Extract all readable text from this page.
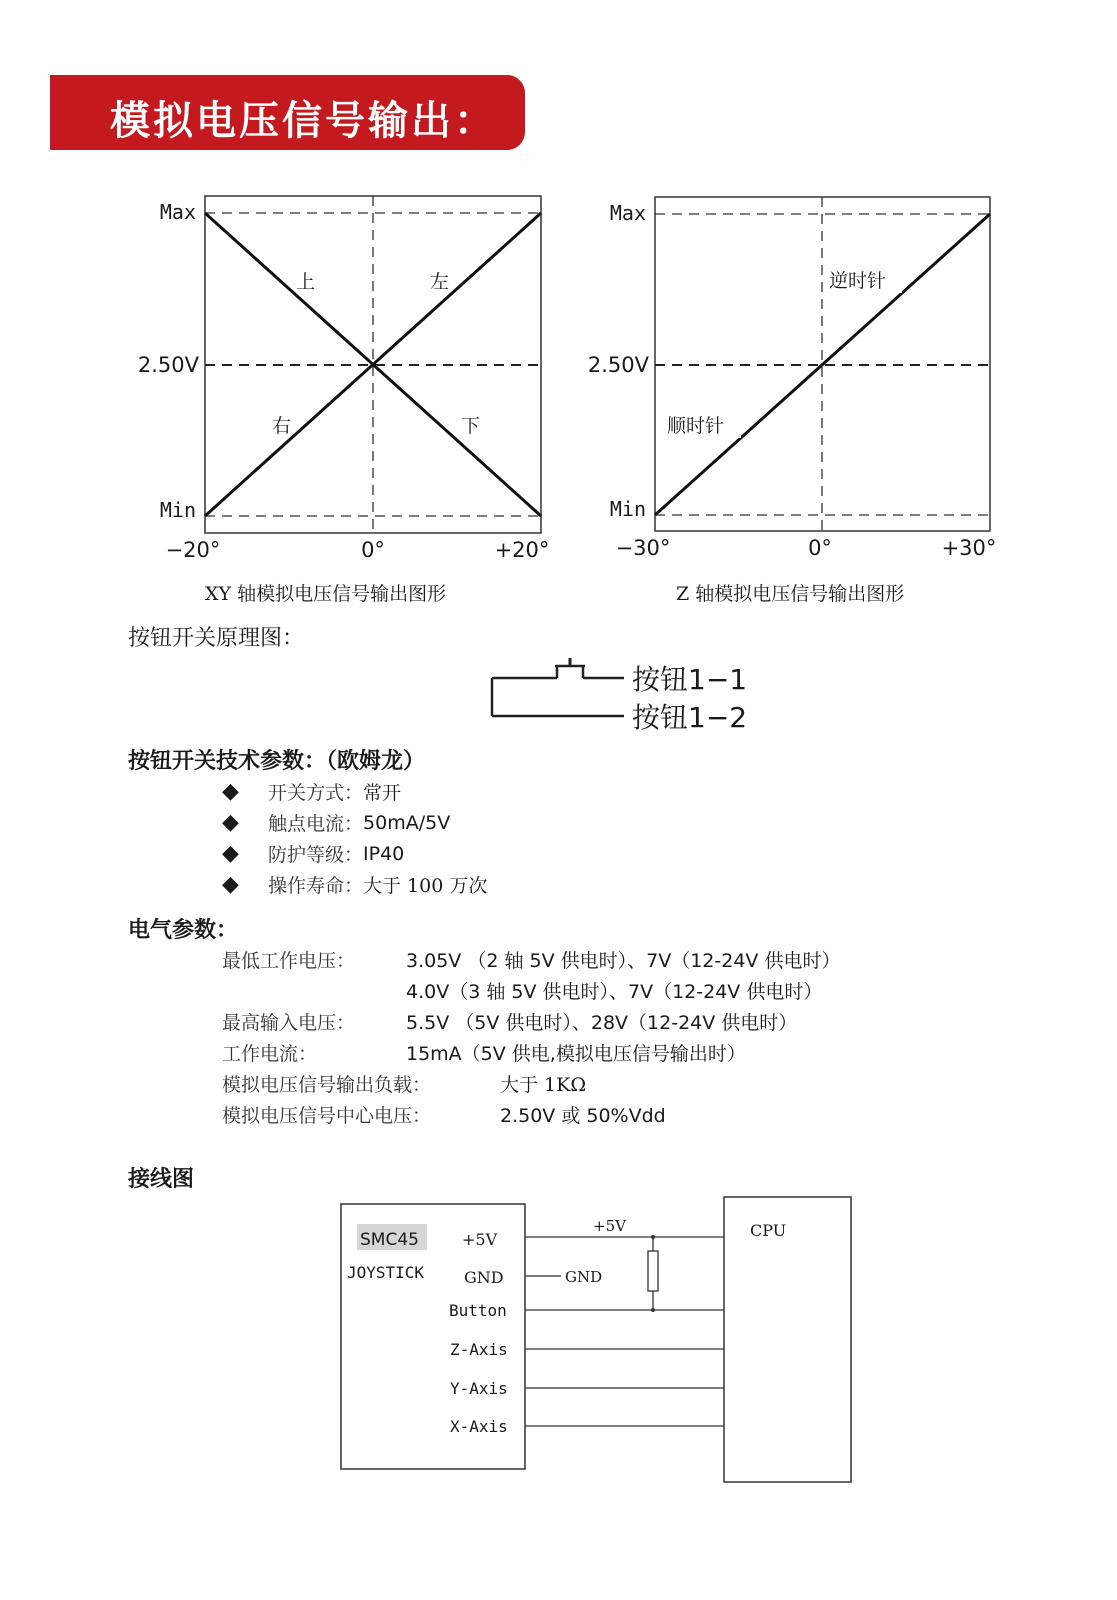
模拟电压信号输出：
Max
2.50V
Min
−20°	0°	+20°
上	左
右	下
Max
2.50V
Min
−30°	0°	+30°
逆时针
顺时针
XY 轴模拟电压信号输出图形	Z 轴模拟电压信号输出图形
按钮开关原理图：
按钮1−1
按钮1−2
按钮开关技术参数：（欧姆龙）
◆	开关方式： 常开
◆	触点电流： 50mA/5V
◆	防护等级： IP40
◆	操作寿命： 大于 100 万次
电气参数：
最低工作电压：	3.05V （2 轴 5V 供电时）、7V（12-24V 供电时）
4.0V（3 轴 5V 供电时）、7V（12-24V 供电时）
最高输入电压：	5.5V （5V 供电时）、28V（12-24V 供电时）
工作电流：	15mA（5V 供电,模拟电压信号输出时）
模拟电压信号输出负载：	大于 1KΩ
模拟电压信号中心电压：	2.50V 或 50%Vdd
接线图
SMC45
JOYSTICK
+5V
GND
Button
Z-Axis
Y-Axis
X-Axis
+5V
GND
CPU
